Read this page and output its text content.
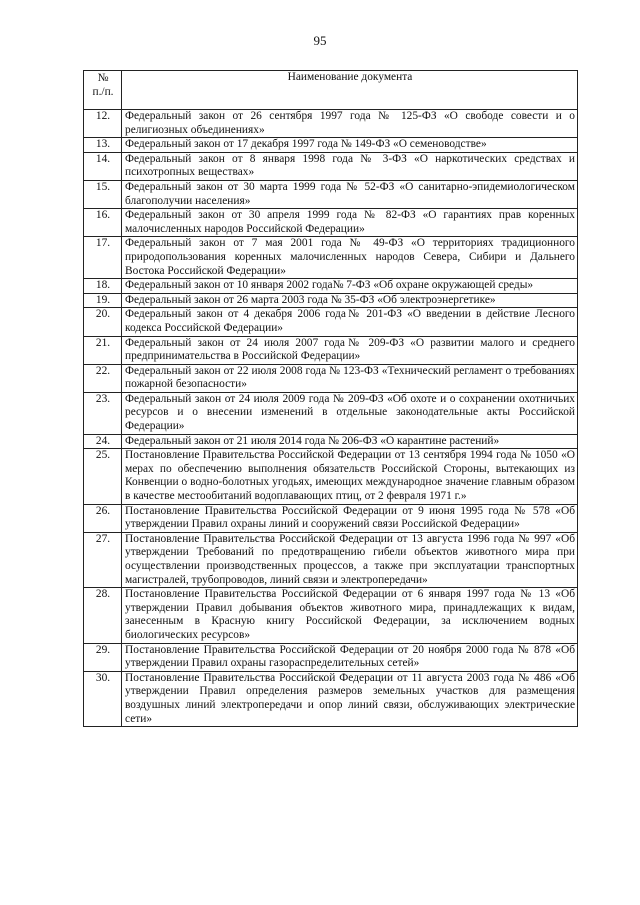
95
№
п./п.	Наименование документа
12.	Федеральный закон от 26 сентября 1997 года № 125-ФЗ «О свободе совести и о религиозных объединениях»
13.	Федеральный закон от 17 декабря 1997 года № 149-ФЗ «О семеноводстве»
14.	Федеральный закон от 8 января 1998 года № 3-ФЗ «О наркотических средствах и психотропных веществах»
15.	Федеральный закон от 30 марта 1999 года № 52-ФЗ «О санитарно-эпидемиологическом благополучии населения»
16.	Федеральный закон от 30 апреля 1999 года № 82-ФЗ «О гарантиях прав коренных малочисленных народов Российской Федерации»
17.	Федеральный закон от 7 мая 2001 года № 49-ФЗ «О территориях традиционного природопользования коренных малочисленных народов Севера, Сибири и Дальнего Востока Российской Федерации»
18.	Федеральный закон от 10 января 2002 года№ 7-ФЗ «Об охране окружающей среды»
19.	Федеральный закон от 26 марта 2003 года № 35-ФЗ «Об электроэнергетике»
20.	Федеральный закон от 4 декабря 2006 года№ 201-ФЗ «О введении в действие Лесного кодекса Российской Федерации»
21.	Федеральный закон от 24 июля 2007 года№ 209-ФЗ «О развитии малого и среднего предпринимательства в Российской Федерации»
22.	Федеральный закон от 22 июля 2008 года № 123-ФЗ «Технический регламент о требованиях пожарной безопасности»
23.	Федеральный закон от 24 июля 2009 года № 209-ФЗ «Об охоте и о сохранении охотничьих ресурсов и о внесении изменений в отдельные законодательные акты Российской Федерации»
24.	Федеральный закон от 21 июля 2014 года № 206-ФЗ «О карантине растений»
25.	Постановление Правительства Российской Федерации от 13 сентября 1994 года № 1050 «О мерах по обеспечению выполнения обязательств Российской Стороны, вытекающих из Конвенции о водно-болотных угодьях, имеющих международное значение главным образом в качестве местообитаний водоплавающих птиц, от 2 февраля 1971 г.»
26.	Постановление Правительства Российской Федерации от 9 июня 1995 года № 578 «Об утверждении Правил охраны линий и сооружений связи Российской Федерации»
27.	Постановление Правительства Российской Федерации от 13 августа 1996 года № 997 «Об утверждении Требований по предотвращению гибели объектов животного мира при осуществлении производственных процессов, а также при эксплуатации транспортных магистралей, трубопроводов, линий связи и электропередачи»
28.	Постановление Правительства Российской Федерации от 6 января 1997 года № 13 «Об утверждении Правил добывания объектов животного мира, принадлежащих к видам, занесенным в Красную книгу Российской Федерации, за исключением водных биологических ресурсов»
29.	Постановление Правительства Российской Федерации от 20 ноября 2000 года № 878 «Об утверждении Правил охраны газораспределительных сетей»
30.	Постановление Правительства Российской Федерации от 11 августа 2003 года № 486 «Об утверждении Правил определения размеров земельных участков для размещения воздушных линий электропередачи и опор линий связи, обслуживающих электрические сети»
